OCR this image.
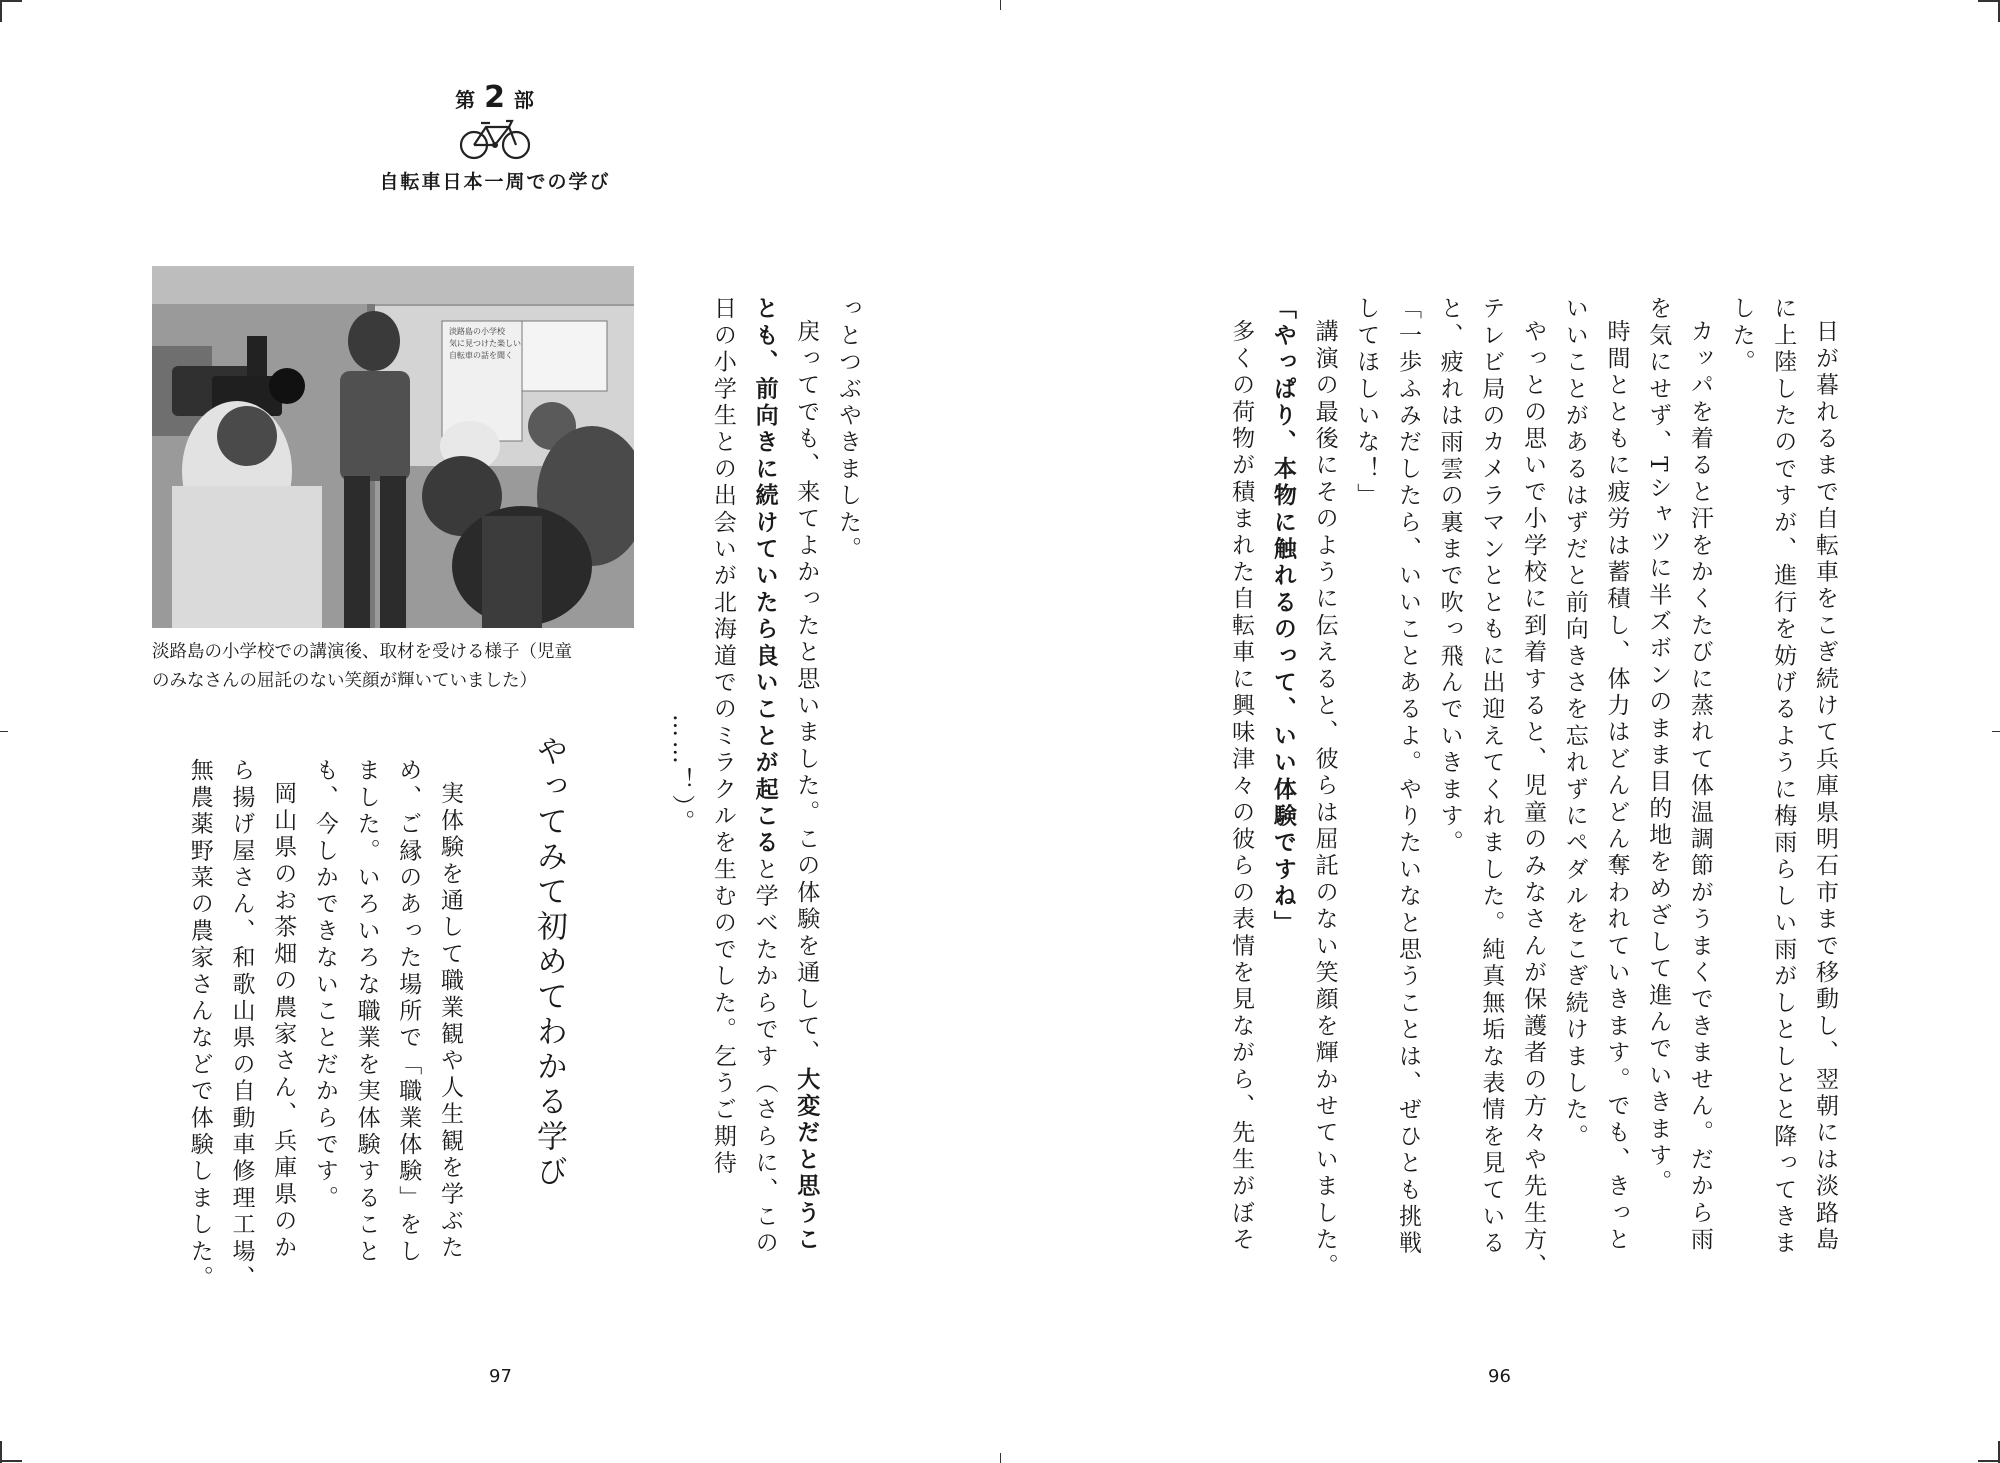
第 2 部
自転車日本一周での学び

日が暮れるまで自転車をこぎ続けて兵庫県明石市まで移動し、翌朝には淡路島

に上陸したのですが、進行を妨げるように梅雨らしい雨がしとしとと降ってきま

した。

カッパを着ると汗をかくたびに蒸れて体温調節がうまくできません。だから雨

を気にせず、Tシャツに半ズボンのまま目的地をめざして進んでいきます。

時間とともに疲労は蓄積し、体力はどんどん奪われていきます。でも、きっと

いいことがあるはずだと前向きさを忘れずにペダルをこぎ続けました。

やっとの思いで小学校に到着すると、児童のみなさんが保護者の方々や先生方、

テレビ局のカメラマンとともに出迎えてくれました。純真無垢な表情を見ている

と、疲れは雨雲の裏まで吹っ飛んでいきます。

「一歩ふみだしたら、いいことあるよ。やりたいなと思うことは、ぜひとも挑戦

してほしいな！」

講演の最後にそのように伝えると、彼らは屈託のない笑顔を輝かせていました。

「やっぱり、本物に触れるのって、いい体験ですね」

多くの荷物が積まれた自転車に興味津々の彼らの表情を見ながら、先生がぼそ

っとつぶやきました。

戻ってでも、来てよかったと思いました。この体験を通して、大変だと思うこ

とも、前向きに続けていたら良いことが起こると学べたからです（さらに、この

日の小学生との出会いが北海道でのミラクルを生むのでした。乞うご期待

……！）。

淡路島の小学校
気に見つけた楽しい
自転車の話を聞く

淡路島の小学校での講演後、取材を受ける様子（児童

のみなさんの屈託のない笑顔が輝いていました）

やってみて初めてわかる学び

実体験を通して職業観や人生観を学ぶた

め、ご縁のあった場所で「職業体験」をし

ました。いろいろな職業を実体験すること

も、今しかできないことだからです。

岡山県のお茶畑の農家さん、兵庫県のか

ら揚げ屋さん、和歌山県の自動車修理工場、

無農薬野菜の農家さんなどで体験しました。

97	96
